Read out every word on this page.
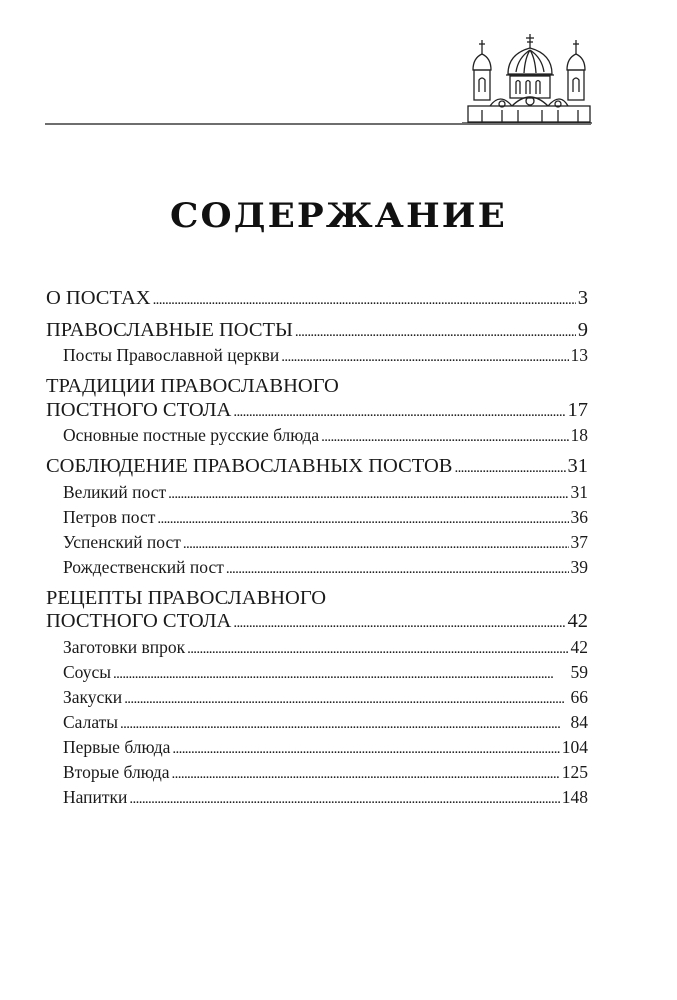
СОДЕРЖАНИЕ
О ПОСТАХ . . .	3
ПРАВОСЛАВНЫЕ ПОСТЫ . . .	9
Посты Православной церкви . . .	13
ТРАДИЦИИ ПРАВОСЛАВНОГО
ПОСТНОГО СТОЛА . . .	17
Основные постные русские блюда . . .	18
СОБЛЮДЕНИЕ ПРАВОСЛАВНЫХ ПОСТОВ . . .	31
Великий пост . . .	31
Петров пост . . .	36
Успенский пост . . .	37
Рождественский пост . . .	39
РЕЦЕПТЫ ПРАВОСЛАВНОГО
ПОСТНОГО СТОЛА . . .	42
Заготовки впрок . . .	42
Соусы . . .	59
Закуски . . .	66
Салаты . . .	84
Первые блюда . . .	104
Вторые блюда . . .	125
Напитки . . .	148
